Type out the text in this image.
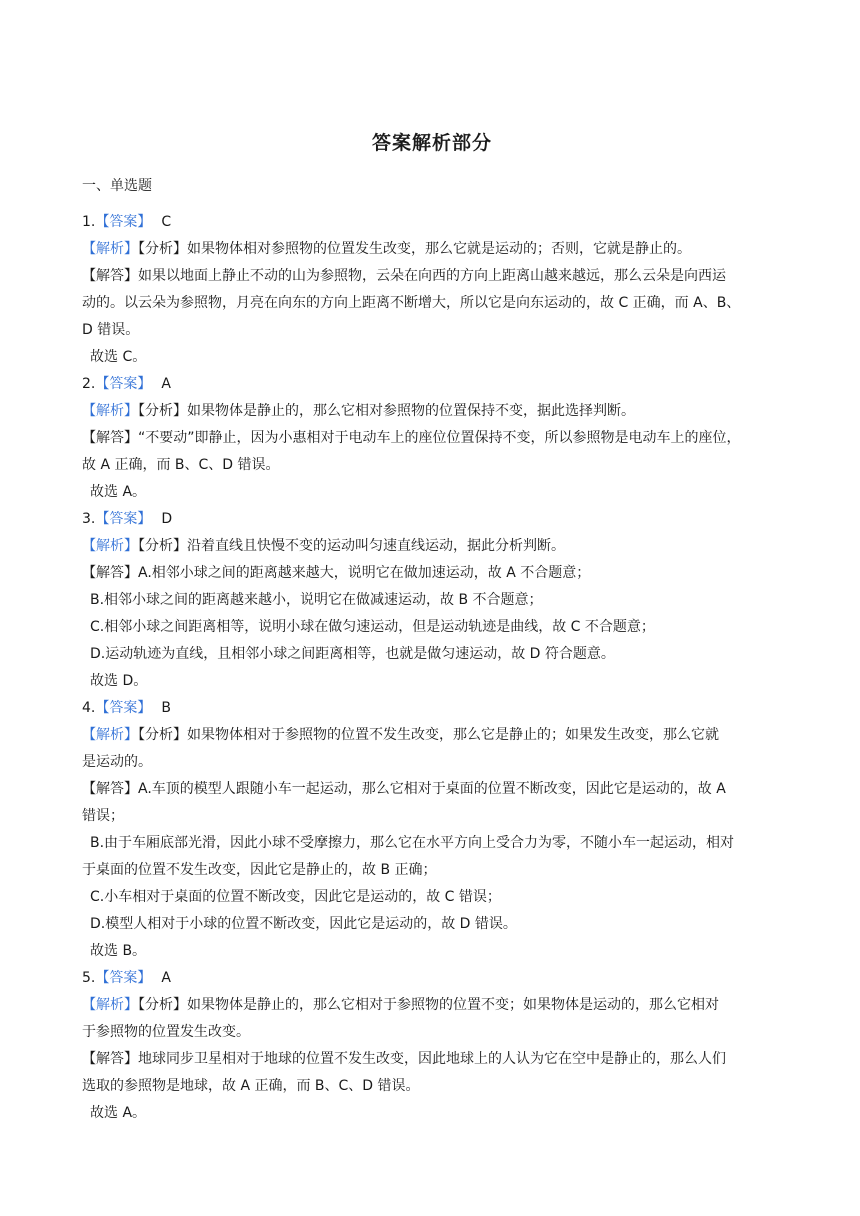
答案解析部分
一、单选题
1.【答案】 C
【解析】【分析】如果物体相对参照物的位置发生改变，那么它就是运动的；否则，它就是静止的。
【解答】如果以地面上静止不动的山为参照物，云朵在向西的方向上距离山越来越远，那么云朵是向西运
动的。以云朵为参照物，月亮在向东的方向上距离不断增大，所以它是向东运动的，故 C 正确，而 A、B、
D 错误。
故选 C。
2.【答案】 A
【解析】【分析】如果物体是静止的，那么它相对参照物的位置保持不变，据此选择判断。
【解答】“不要动”即静止，因为小惠相对于电动车上的座位位置保持不变，所以参照物是电动车上的座位，
故 A 正确，而 B、C、D 错误。
故选 A。
3.【答案】 D
【解析】【分析】沿着直线且快慢不变的运动叫匀速直线运动，据此分析判断。
【解答】A.相邻小球之间的距离越来越大，说明它在做加速运动，故 A 不合题意；
B.相邻小球之间的距离越来越小，说明它在做减速运动，故 B 不合题意；
C.相邻小球之间距离相等，说明小球在做匀速运动，但是运动轨迹是曲线，故 C 不合题意；
D.运动轨迹为直线，且相邻小球之间距离相等，也就是做匀速运动，故 D 符合题意。
故选 D。
4.【答案】 B
【解析】【分析】如果物体相对于参照物的位置不发生改变，那么它是静止的；如果发生改变，那么它就
是运动的。
【解答】A.车顶的模型人跟随小车一起运动，那么它相对于桌面的位置不断改变，因此它是运动的，故 A
错误；
B.由于车厢底部光滑，因此小球不受摩擦力，那么它在水平方向上受合力为零，不随小车一起运动，相对
于桌面的位置不发生改变，因此它是静止的，故 B 正确；
C.小车相对于桌面的位置不断改变，因此它是运动的，故 C 错误；
D.模型人相对于小球的位置不断改变，因此它是运动的，故 D 错误。
故选 B。
5.【答案】 A
【解析】【分析】如果物体是静止的，那么它相对于参照物的位置不变；如果物体是运动的，那么它相对
于参照物的位置发生改变。
【解答】地球同步卫星相对于地球的位置不发生改变，因此地球上的人认为它在空中是静止的，那么人们
选取的参照物是地球，故 A 正确，而 B、C、D 错误。
故选 A。
